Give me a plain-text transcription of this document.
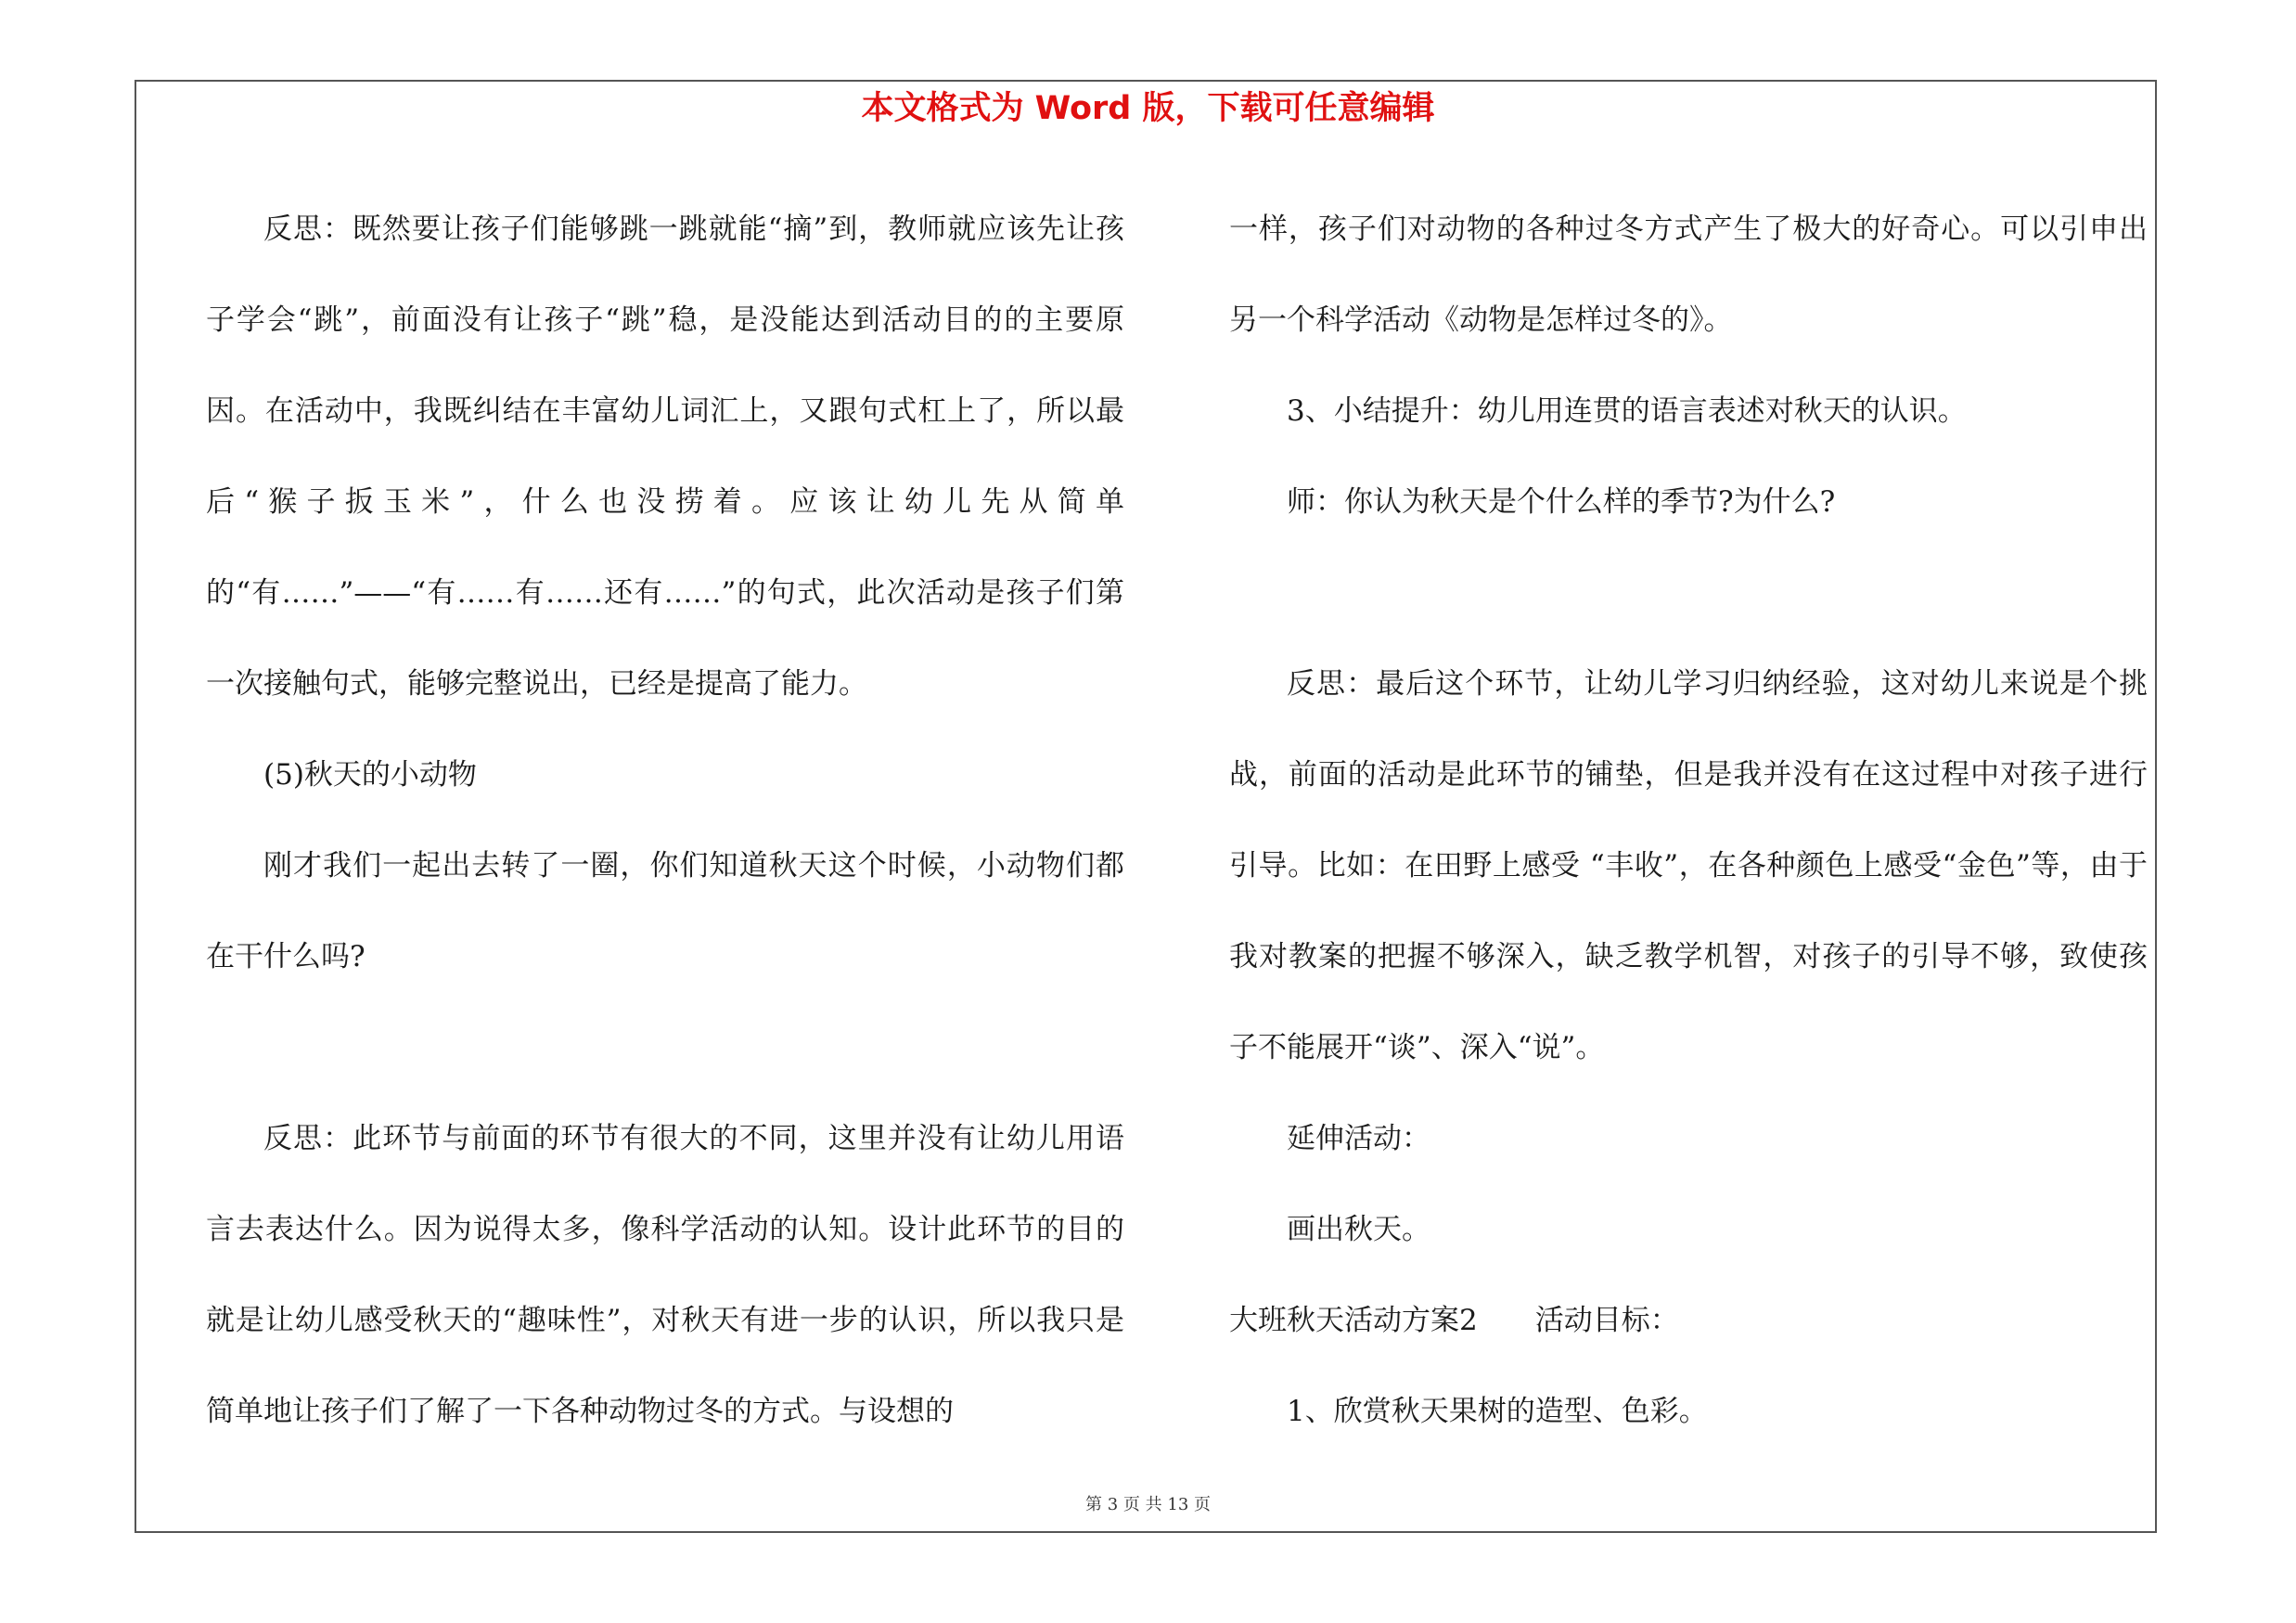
本文格式为 Word 版，下载可任意编辑

反思：既然要让孩子们能够跳一跳就能“摘”到，教师就应该先让孩子学会“跳”，前面没有让孩子“跳”稳，是没能达到活动目的的主要原因。在活动中，我既纠结在丰富幼儿词汇上，又跟句式杠上了，所以最后“猴子扳玉米”，什么也没捞着。应该让幼儿先从简单的“有……”——“有……有……还有……”的句式，此次活动是孩子们第一次接触句式，能够完整说出，已经是提高了能力。

(5)秋天的小动物

刚才我们一起出去转了一圈，你们知道秋天这个时候，小动物们都在干什么吗?

反思：此环节与前面的环节有很大的不同，这里并没有让幼儿用语言去表达什么。因为说得太多，像科学活动的认知。设计此环节的目的就是让幼儿感受秋天的“趣味性”，对秋天有进一步的认识，所以我只是简单地让孩子们了解了一下各种动物过冬的方式。与设想的

一样，孩子们对动物的各种过冬方式产生了极大的好奇心。可以引申出另一个科学活动《动物是怎样过冬的》。

3、小结提升：幼儿用连贯的语言表述对秋天的认识。

师：你认为秋天是个什么样的季节?为什么?

反思：最后这个环节，让幼儿学习归纳经验，这对幼儿来说是个挑战，前面的活动是此环节的铺垫，但是我并没有在这过程中对孩子进行引导。比如：在田野上感受 “丰收”，在各种颜色上感受“金色”等，由于我对教案的把握不够深入，缺乏教学机智，对孩子的引导不够，致使孩子不能展开“谈”、深入“说”。

延伸活动：

画出秋天。

大班秋天活动方案2　　活动目标：

1、欣赏秋天果树的造型、色彩。

第 3 页 共 13 页
